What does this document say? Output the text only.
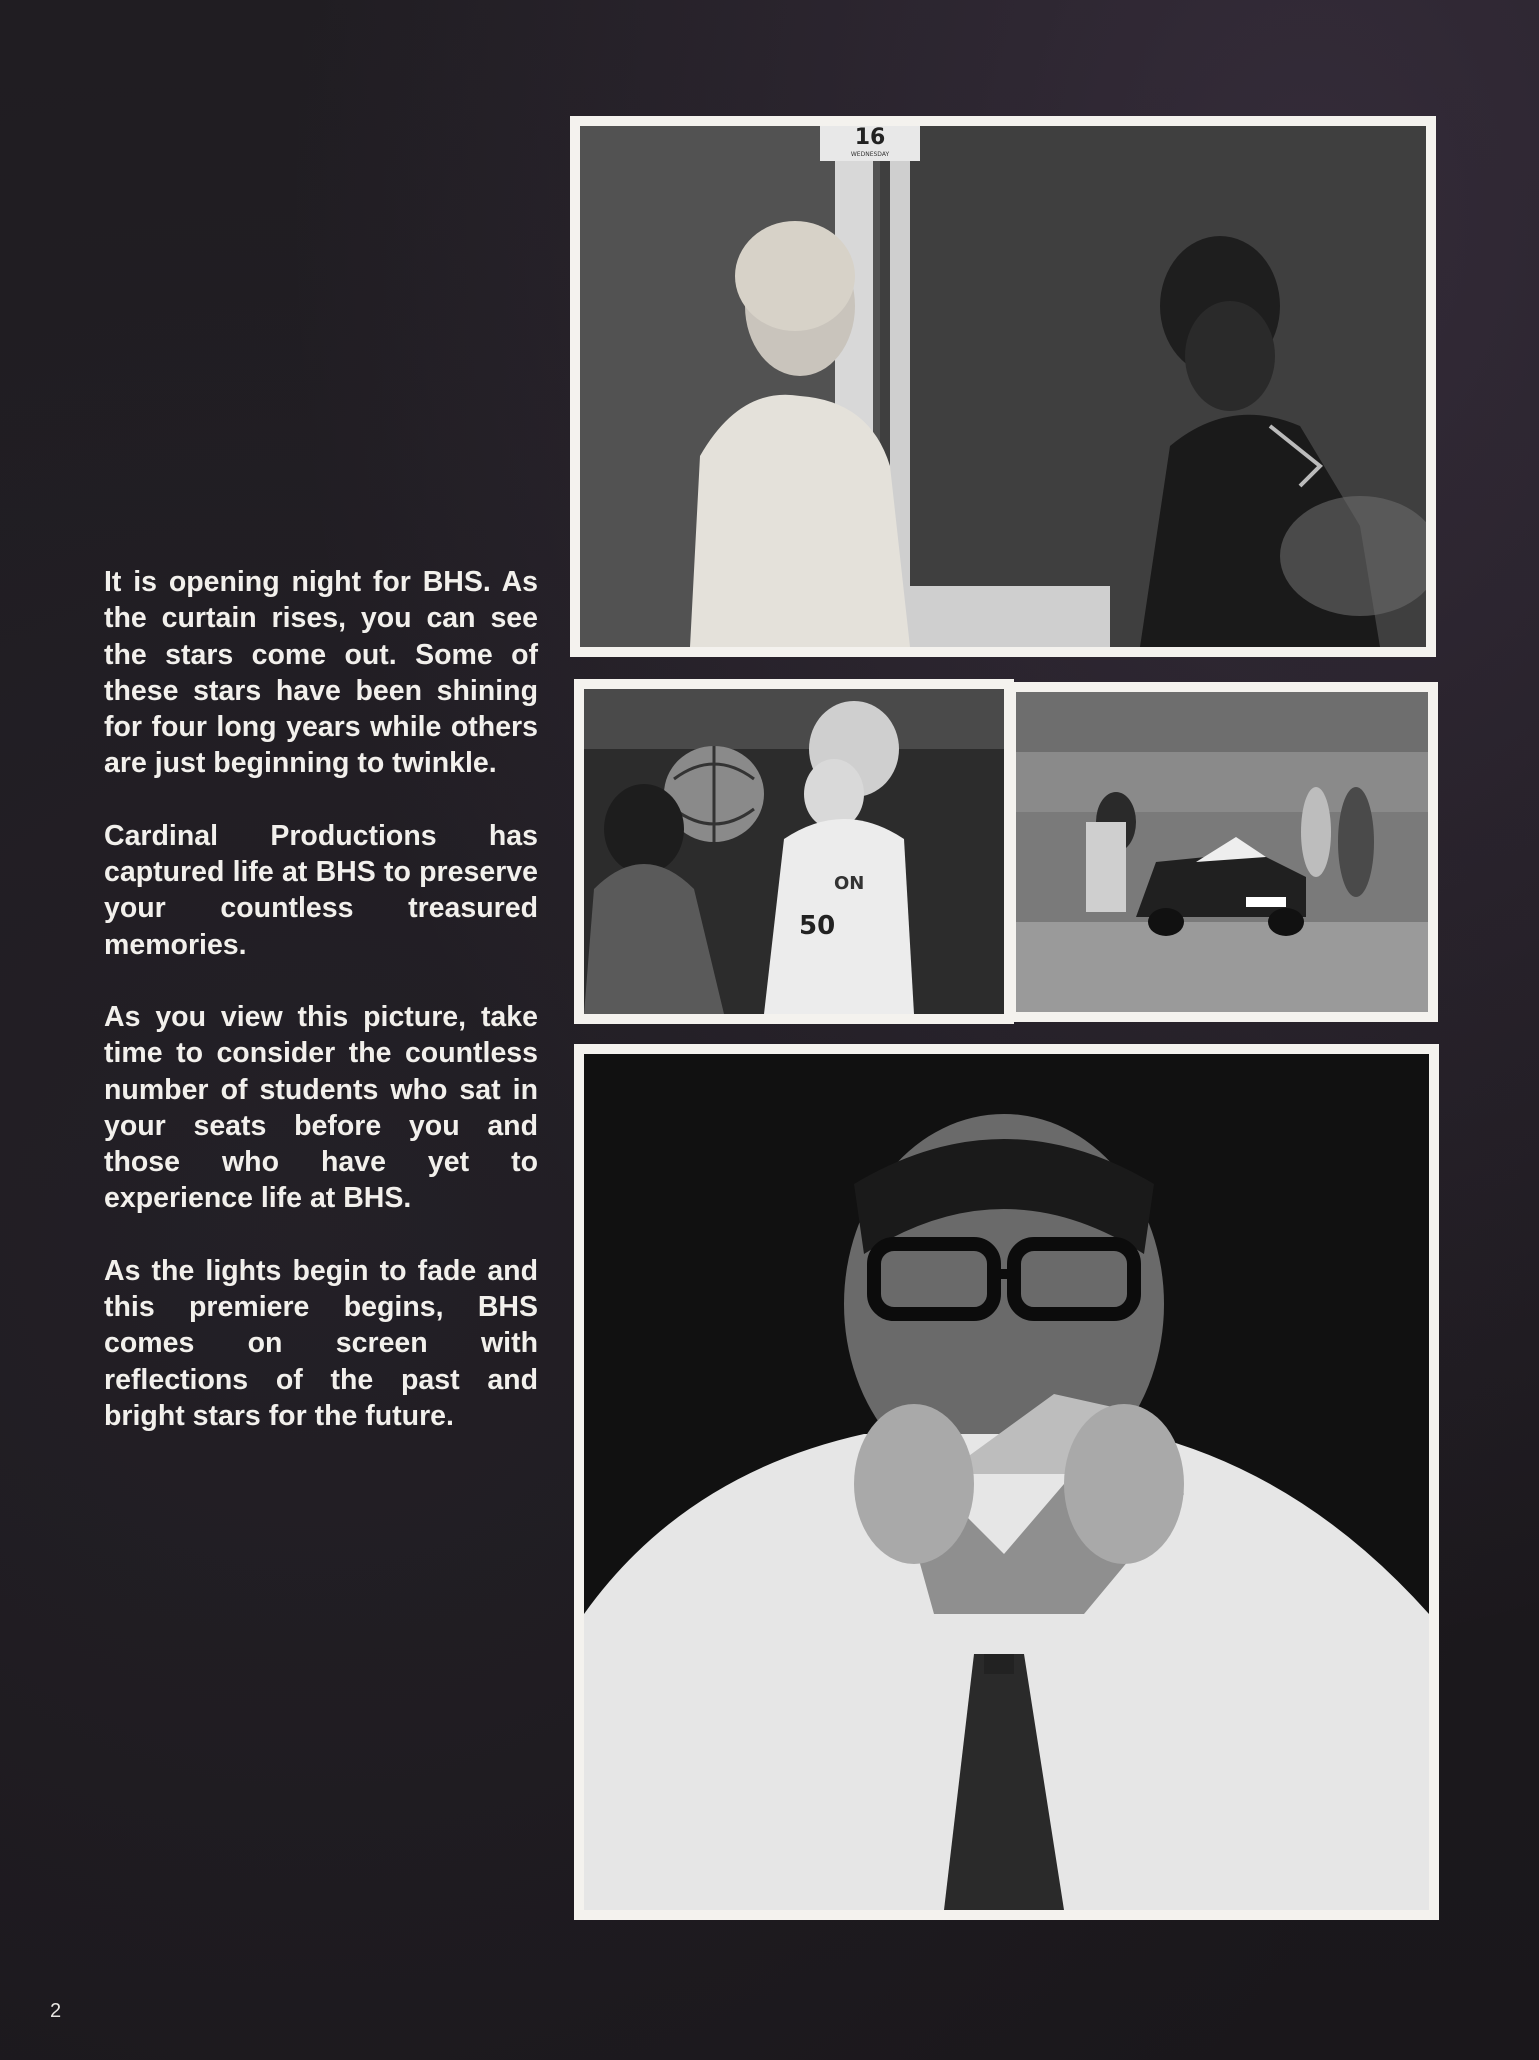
It is opening night for BHS. As the curtain rises, you can see the stars come out. Some of these stars have been shining for four long years while others are just beginning to twinkle.

Cardinal Productions has captured life at BHS to preserve your countless treasured memories.

As you view this picture, take time to consider the countless number of students who sat in your seats before you and those who have yet to experience life at BHS.

As the lights begin to fade and this premiere begins, BHS comes on screen with reflections of the past and bright stars for the future.

16
WEDNESDAY
ON
50
2
